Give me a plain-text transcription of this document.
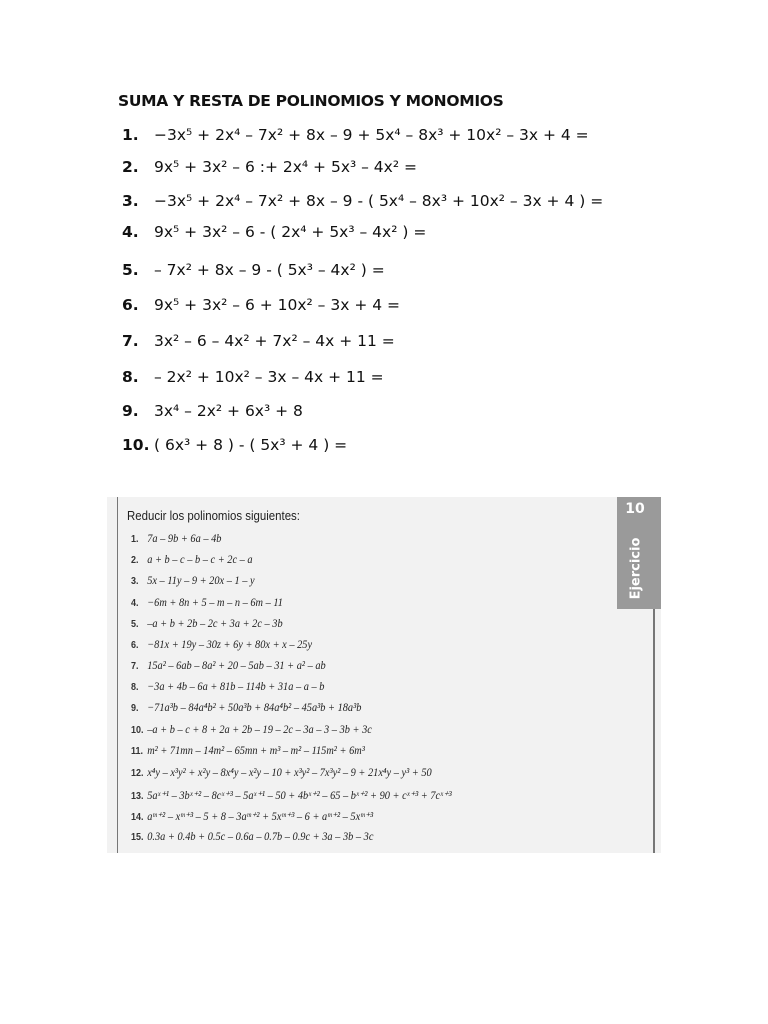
SUMA Y RESTA DE POLINOMIOS Y MONOMIOS
1. −3x⁵ + 2x⁴ – 7x² + 8x – 9 + 5x⁴ – 8x³ + 10x² – 3x + 4 =
2. 9x⁵ + 3x² – 6 :+ 2x⁴ + 5x³ – 4x² =
3. −3x⁵ + 2x⁴ – 7x² + 8x – 9 - ( 5x⁴ – 8x³ + 10x² – 3x + 4 ) =
4. 9x⁵ + 3x² – 6 - ( 2x⁴ + 5x³ – 4x² ) =
5. – 7x² + 8x – 9 - ( 5x³ – 4x² ) =
6. 9x⁵ + 3x² – 6 + 10x² – 3x + 4 =
7. 3x² – 6 – 4x² + 7x² – 4x + 11 =
8. – 2x² + 10x² – 3x – 4x + 11 =
9. 3x⁴ – 2x² + 6x³ + 8
10. ( 6x³ + 8 ) - ( 5x³ + 4 ) =
Reducir los polinomios siguientes:	10
Ejercicio
1. 7a – 9b + 6a – 4b
2. a + b – c – b – c + 2c – a
3. 5x – 11y – 9 + 20x – 1 – y
4. −6m + 8n + 5 – m – n – 6m – 11
5. –a + b + 2b – 2c + 3a + 2c – 3b
6. −81x + 19y – 30z + 6y + 80x + x – 25y
7. 15a² – 6ab – 8a² + 20 – 5ab – 31 + a² – ab
8. −3a + 4b – 6a + 81b – 114b + 31a – a – b
9. −71a³b – 84a⁴b² + 50a³b + 84a⁴b² – 45a³b + 18a³b
10. –a + b – c + 8 + 2a + 2b – 19 – 2c – 3a – 3 – 3b + 3c
11. m² + 71mn – 14m² – 65mn + m³ – m² – 115m² + 6m³
12. x⁴y – x³y² + x²y – 8x⁴y – x²y – 10 + x³y² – 7x³y² – 9 + 21x⁴y – y³ + 50
13. 5aˣ⁺¹ – 3bˣ⁺² – 8cˣ⁺³ – 5aˣ⁺¹ – 50 + 4bˣ⁺² – 65 – bˣ⁺² + 90 + cˣ⁺³ + 7cˣ⁺³
14. aᵐ⁺² – xᵐ⁺³ – 5 + 8 – 3aᵐ⁺² + 5xᵐ⁺³ – 6 + aᵐ⁺² – 5xᵐ⁺³
15. 0.3a + 0.4b + 0.5c – 0.6a – 0.7b – 0.9c + 3a – 3b – 3c
